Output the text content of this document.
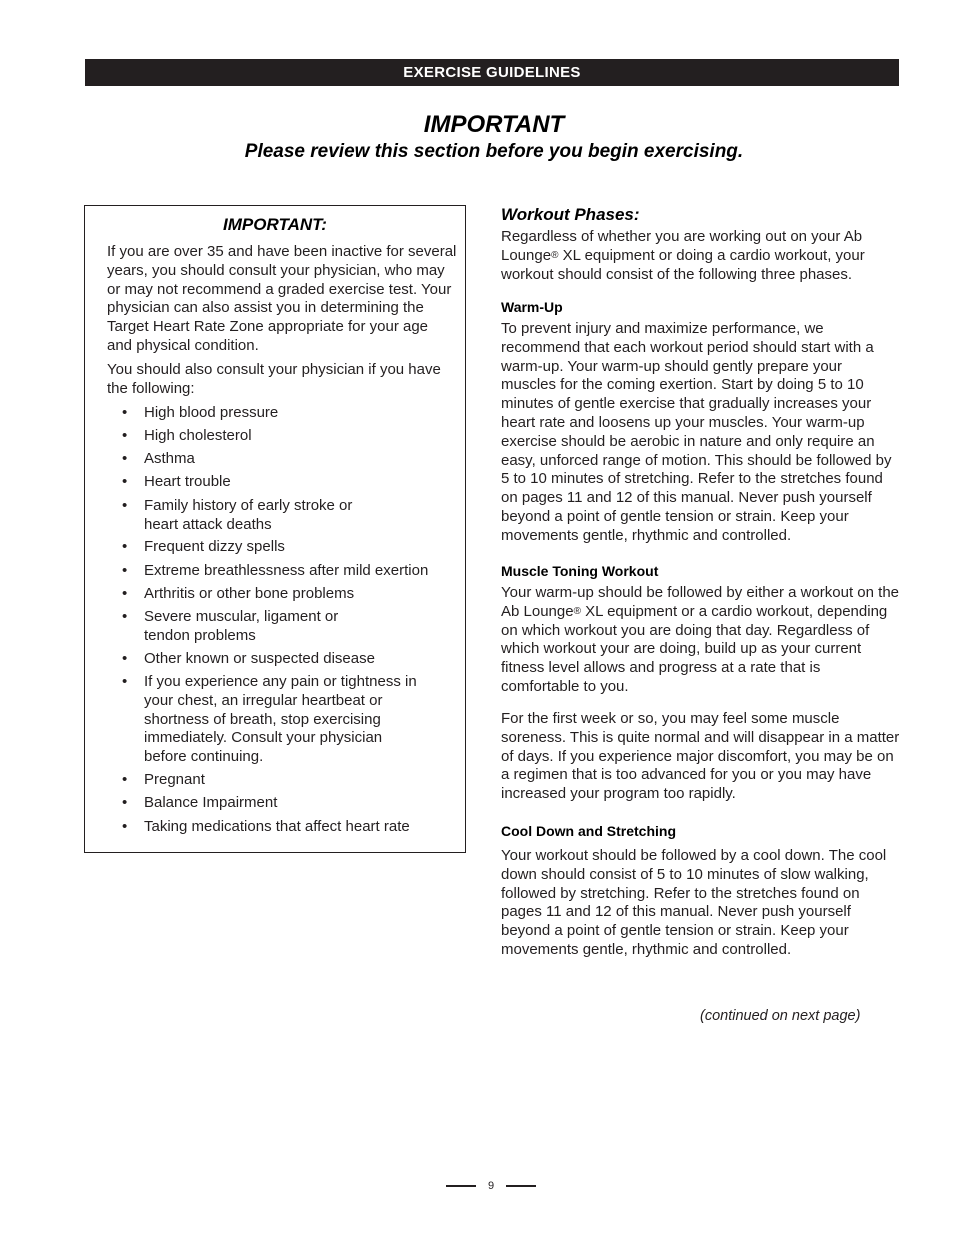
EXERCISE GUIDELINES
IMPORTANT
Please review this section before you begin exercising.
IMPORTANT:
If you are over 35 and have been inactive for several years, you should consult your physician, who may or may not recommend a graded exercise test. Your physician can also assist you in determining the Target Heart Rate Zone appropriate for your age and physical condition.
You should also consult your physician if you have the following:
• High blood pressure
• High cholesterol
• Asthma
• Heart trouble
• Family history of early stroke or heart attack deaths
• Frequent dizzy spells
• Extreme breathlessness after mild exertion
• Arthritis or other bone problems
• Severe muscular, ligament or tendon problems
• Other known or suspected disease
• If you experience any pain or tightness in your chest, an irregular heartbeat or shortness of breath, stop exercising immediately. Consult your physician before continuing.
• Pregnant
• Balance Impairment
• Taking medications that affect heart rate
Workout Phases:
Regardless of whether you are working out on your Ab Lounge® XL equipment or doing a cardio workout, your workout should consist of the following three phases.
Warm-Up
To prevent injury and maximize performance, we recommend that each workout period should start with a warm-up. Your warm-up should gently prepare your muscles for the coming exertion. Start by doing 5 to 10 minutes of gentle exercise that gradually increases your heart rate and loosens up your muscles. Your warm-up exercise should be aerobic in nature and only require an easy, unforced range of motion. This should be followed by 5 to 10 minutes of stretching. Refer to the stretches found on pages 11 and 12 of this manual. Never push yourself beyond a point of gentle tension or strain. Keep your movements gentle, rhythmic and controlled.
Muscle Toning Workout
Your warm-up should be followed by either a workout on the Ab Lounge® XL equipment or a cardio workout, depending on which workout you are doing that day. Regardless of which workout your are doing, build up as your current fitness level allows and progress at a rate that is comfortable to you.
For the first week or so, you may feel some muscle soreness. This is quite normal and will disappear in a matter of days. If you experience major discomfort, you may be on a regimen that is too advanced for you or you may have increased your program too rapidly.
Cool Down and Stretching
Your workout should be followed by a cool down. The cool down should consist of 5 to 10 minutes of slow walking, followed by stretching. Refer to the stretches found on pages 11 and 12 of this manual. Never push yourself beyond a point of gentle tension or strain. Keep your movements gentle, rhythmic and controlled.
(continued on next page)
9
